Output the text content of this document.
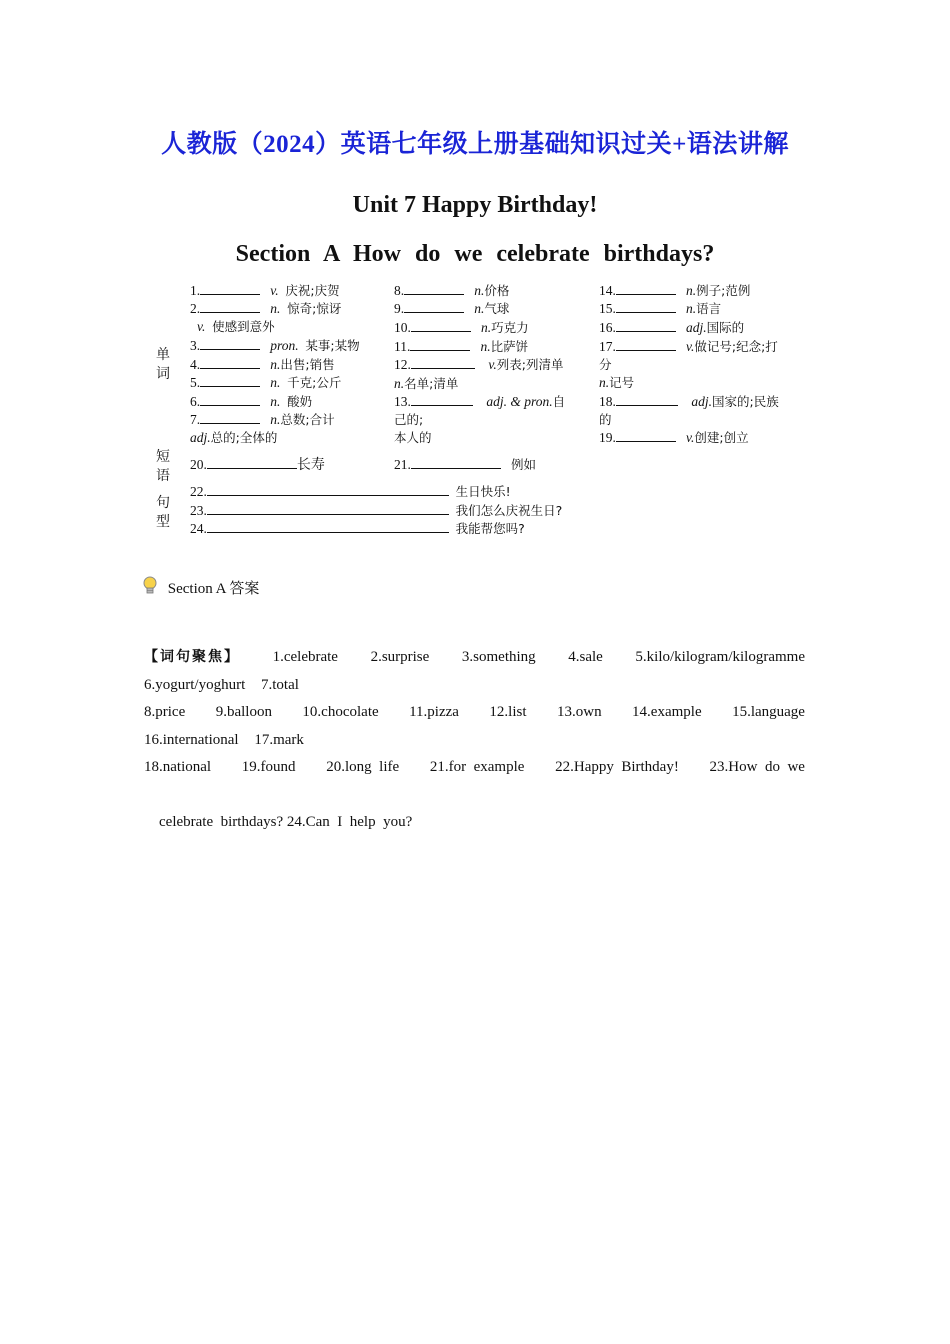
人教版（2024）英语七年级上册基础知识过关+语法讲解
Unit 7 Happy Birthday!
Section A How do we celebrate birthdays?
单词
短语
句型
1.	v. 庆祝;庆贺
2.	n. 惊奇;惊讶
v. 使感到意外
3.	pron. 某事;某物
4.	n.出售;销售
5.	n. 千克;公斤
6.	n. 酸奶
7.	n.总数;合计
adj.总的;全体的
8.	n.价格
9.	n.气球
10.	n.巧克力
11.	n.比萨饼
12.	v.列表;列清单
n.名单;清单
13.	adj. & pron.自
己的;
本人的
14.	n.例子;范例
15.	n.语言
16.	adj.国际的
17.	v.做记号;纪念;打
分
n.记号
18.	adj.国家的;民族
的
19.	v.创建;创立
20.	长寿	21.	例如
22.	生日快乐!
23.	我们怎么庆祝生日?
24.	我能帮您吗?
Section A 答案
【词句聚焦】 1.celebrate 2.surprise 3.something 4.sale 5.kilo/kilogram/kilogramme
6.yogurt/yoghurt 7.total
8.price 9.balloon 10.chocolate 11.pizza 12.list 13.own 14.example 15.language
16.international 17.mark
18.national 19.found 20.long  life 21.for  example 22.Happy  Birthday! 23.How  do  we

celebrate  birthdays? 24.Can  I  help  you?
